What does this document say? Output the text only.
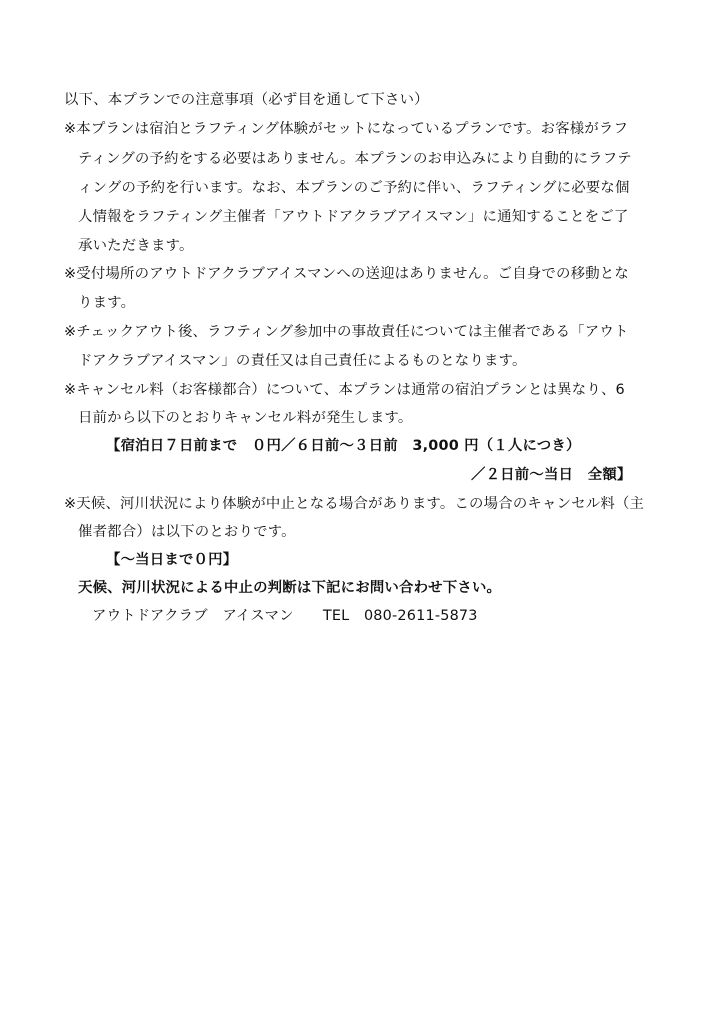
以下、本プランでの注意事項（必ず目を通して下さい）
※本プランは宿泊とラフティング体験がセットになっているプランです。お客様がラフ
ティングの予約をする必要はありません。本プランのお申込みにより自動的にラフテ
ィングの予約を行います。なお、本プランのご予約に伴い、ラフティングに必要な個
人情報をラフティング主催者「アウトドアクラブアイスマン」に通知することをご了
承いただきます。
※受付場所のアウトドアクラブアイスマンへの送迎はありません。ご自身での移動とな
ります。
※チェックアウト後、ラフティング参加中の事故責任については主催者である「アウト
ドアクラブアイスマン」の責任又は自己責任によるものとなります。
※キャンセル料（お客様都合）について、本プランは通常の宿泊プランとは異なり、6
日前から以下のとおりキャンセル料が発生します。
【宿泊日７日前まで　０円／６日前～３日前　3,000 円（１人につき）
／２日前～当日　全額】
※天候、河川状況により体験が中止となる場合があります。この場合のキャンセル料（主
催者都合）は以下のとおりです。
【～当日まで０円】
天候、河川状況による中止の判断は下記にお問い合わせ下さい。
アウトドアクラブ　アイスマン　　TEL　080-2611-5873
